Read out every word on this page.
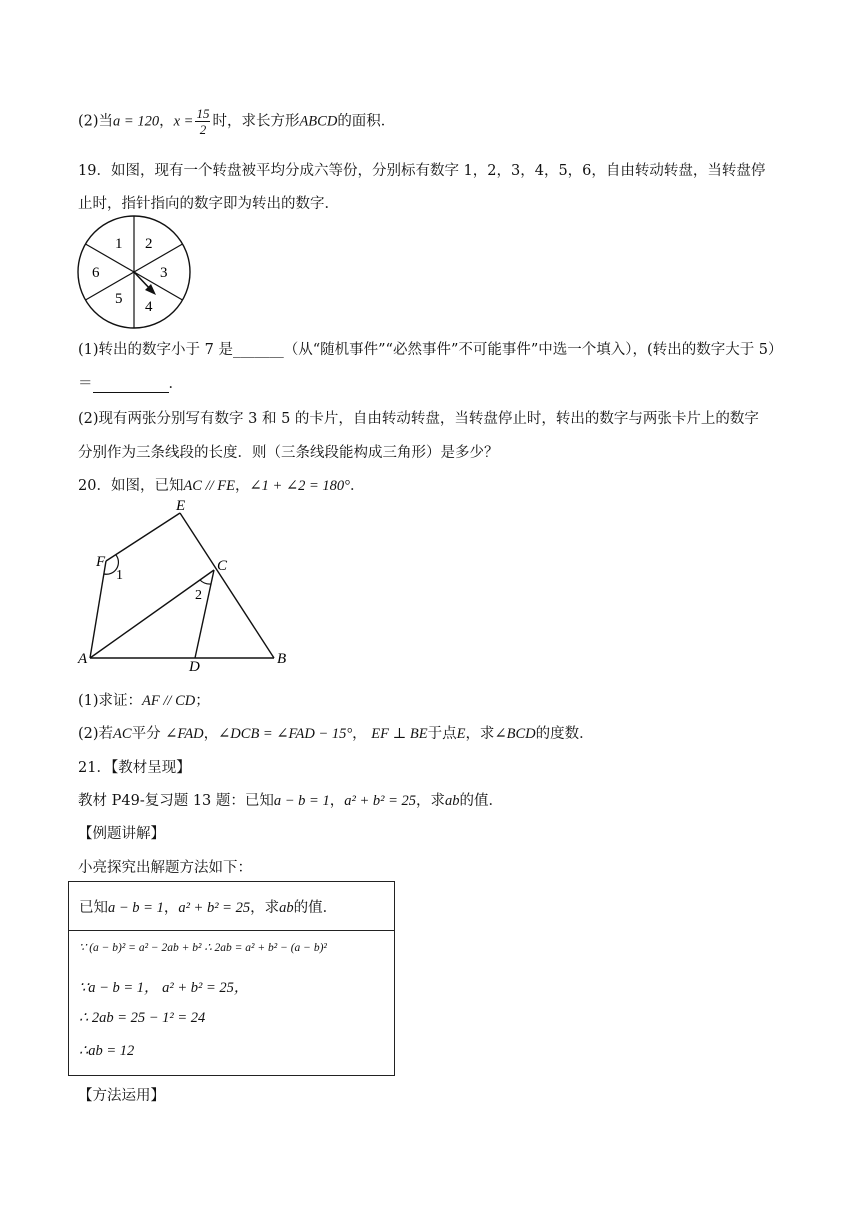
(2)当a = 120，$x = \frac{15}{2}$ 时，求长方形ABCD的面积．
19．如图，现有一个转盘被平均分成六等份，分别标有数字 1，2，3，4，5，6，自由转动转盘，当转盘停
止时，指针指向的数字即为转出的数字．
1 2
3
4
5
6
(1)转出的数字小于 7 是_______（从“随机事件”“必然事件”不可能事件”中选一个填入），(转出的数字大于 5）
＝	．
(2)现有两张分别写有数字 3 和 5 的卡片，自由转动转盘，当转盘停止时，转出的数字与两张卡片上的数字
分别作为三条线段的长度．则（三条线段能构成三角形）是多少？
20．如图，已知AC // FE，∠1 + ∠2 = 180°．
E
F	C
A	D	B
1
2
(1)求证：AF // CD；
(2)若AC平分 ∠FAD，∠DCB = ∠FAD − 15°， EF ⊥ BE于点E，求∠BCD的度数．
21．【教材呈现】
教材 P49-复习题 13 题：已知a − b = 1，a² + b² = 25，求ab的值．
【例题讲解】
小亮探究出解题方法如下：
已知a − b = 1，a² + b² = 25，求ab的值．
∵ (a − b)² = a² − 2ab + b² ∴ 2ab = a² + b² − (a − b)²
∵a − b = 1， a² + b² = 25，
∴ 2ab = 25 − 1² = 24
∴ab = 12
【方法运用】
